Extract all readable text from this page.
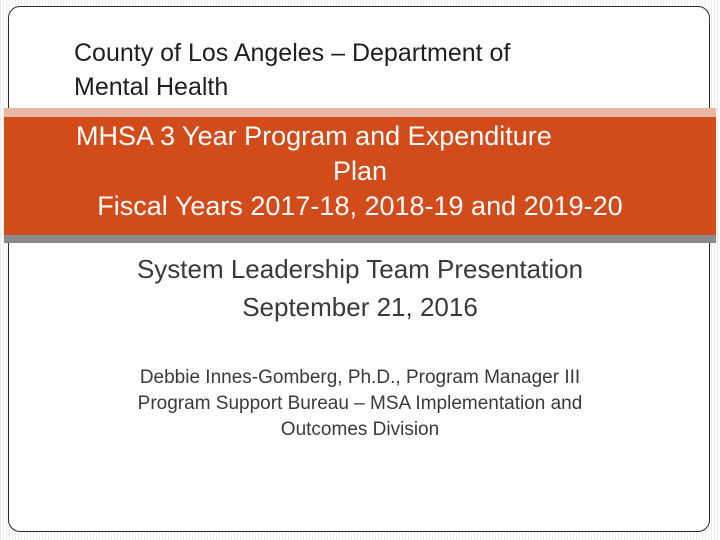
County of Los Angeles – Department of
Mental Health
MHSA 3 Year Program and Expenditure
Plan
Fiscal Years 2017-18, 2018-19 and 2019-20
System Leadership Team Presentation
September 21, 2016
Debbie Innes-Gomberg, Ph.D., Program Manager III
Program Support Bureau – MSA Implementation and
Outcomes Division
